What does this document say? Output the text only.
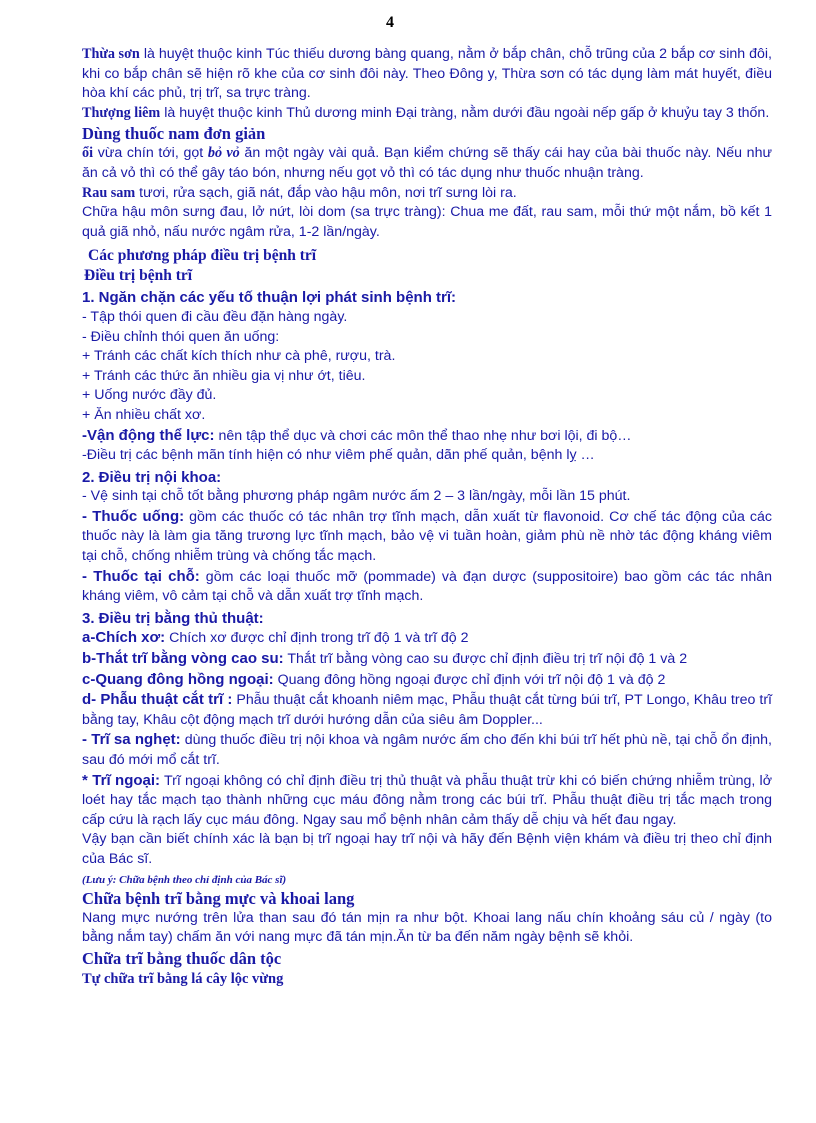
4

Thừa sơn là huyệt thuộc kinh Túc thiếu dương bàng quang, nằm ở bắp chân, chỗ trũng của 2 bắp cơ sinh đôi, khi co bắp chân sẽ hiện rõ khe của cơ sinh đôi này. Theo Đông y, Thừa sơn có tác dụng làm mát huyết, điều hòa khí các phủ, trị trĩ, sa trực tràng.

Thượng liêm là huyệt thuộc kinh Thủ dương minh Đại tràng, nằm dưới đầu ngoài nếp gấp ở khuỷu tay 3 thốn.

Dùng thuốc nam đơn giản

ổi vừa chín tới, gọt bỏ vỏ ăn một ngày vài quả. Bạn kiểm chứng sẽ thấy cái hay của bài thuốc này. Nếu như ăn cả vỏ thì có thể gây táo bón, nhưng nếu gọt vỏ thì có tác dụng như thuốc nhuận tràng.

Rau sam tươi, rửa sạch, giã nát, đắp vào hậu môn, nơi trĩ sưng lòi ra.

Chữa hậu môn sưng đau, lở nứt, lòi dom (sa trực tràng): Chua me đất, rau sam, mỗi thứ một nắm, bồ kết 1 quả giã nhỏ, nấu nước ngâm rửa, 1-2 lần/ngày.

Các phương pháp điều trị bệnh trĩ

Điều trị bệnh trĩ

1. Ngăn chặn các yếu tố thuận lợi phát sinh bệnh trĩ:

- Tập thói quen đi cầu đều đặn hàng ngày.

- Điều chỉnh thói quen ăn uống:

+ Tránh các chất kích thích như cà phê, rượu, trà.

+ Tránh các thức ăn nhiều gia vị như ớt, tiêu.

+ Uống nước đầy đủ.

+ Ăn nhiều chất xơ.

-Vận động thể lực: nên tập thể dục và chơi các môn thể thao nhẹ như bơi lội, đi bộ…

-Điều trị các bệnh mãn tính hiện có như viêm phế quản, dãn phế quản, bệnh lỵ …

2. Điều trị nội khoa:

- Vệ sinh tại chỗ tốt bằng phương pháp ngâm nước ấm 2 – 3 lần/ngày, mỗi lần 15 phút.

- Thuốc uống: gồm các thuốc có tác nhân trợ tĩnh mạch, dẫn xuất từ flavonoid. Cơ chế tác động của các thuốc này là làm gia tăng trương lực tĩnh mạch, bảo vệ vi tuần hoàn, giảm phù nề nhờ tác động kháng viêm tại chỗ, chống nhiễm trùng và chống tắc mạch.

- Thuốc tại chỗ: gồm các loại thuốc mỡ (pommade) và đạn dược (suppositoire) bao gồm các tác nhân kháng viêm, vô cảm tại chỗ và dẫn xuất trợ tĩnh mạch.

3. Điều trị bằng thủ thuật:

a-Chích xơ: Chích xơ được chỉ định trong trĩ độ 1 và trĩ độ 2

b-Thắt trĩ bằng vòng cao su: Thắt trĩ bằng vòng cao su được chỉ định điều trị trĩ nội độ 1 và 2

c-Quang đông hồng ngoại: Quang đông hồng ngoại được chỉ định với trĩ nội độ 1 và độ 2

d- Phẫu thuật cắt trĩ : Phẫu thuật cắt khoanh niêm mạc, Phẫu thuật cắt từng búi trĩ, PT Longo, Khâu treo trĩ bằng tay, Khâu cột động mạch trĩ dưới hướng dẫn của siêu âm Doppler...

- Trĩ sa nghẹt: dùng thuốc điều trị nội khoa và ngâm nước ấm cho đến khi búi trĩ hết phù nề, tại chỗ ổn định, sau đó mới mổ cắt trĩ.

* Trĩ ngoại: Trĩ ngoại không có chỉ định điều trị thủ thuật và phẫu thuật trừ khi có biến chứng nhiễm trùng, lở loét hay tắc mạch tạo thành những cục máu đông nằm trong các búi trĩ. Phẫu thuật điều trị tắc mạch trong cấp cứu là rạch lấy cục máu đông. Ngay sau mổ bệnh nhân cảm thấy dễ chịu và hết đau ngay.

Vậy bạn cần biết chính xác là bạn bị trĩ ngoại hay trĩ nội và hãy đến Bệnh viện khám và điều trị theo chỉ định của Bác sĩ.

(Lưu ý: Chữa bệnh theo chỉ định của Bác sĩ)

Chữa bệnh trĩ bằng mực và khoai lang

Nang mực nướng trên lửa than sau đó tán mịn ra như bột. Khoai lang nấu chín khoảng sáu củ / ngày (to bằng nắm tay) chấm ăn với nang mực đã tán mịn.Ăn từ ba đến năm ngày bệnh sẽ khỏi.

Chữa trĩ bằng thuốc dân tộc

Tự chữa trĩ bằng lá cây lộc vừng
